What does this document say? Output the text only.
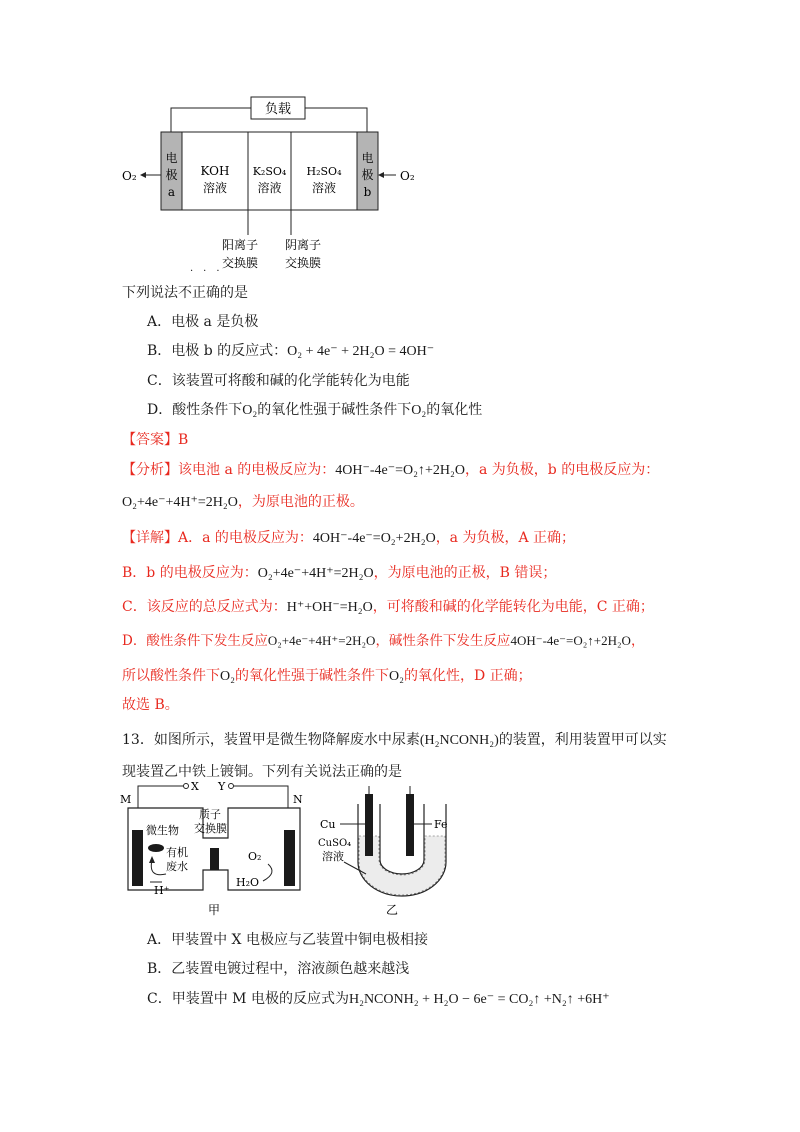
负载
电
极
a
电
极
b
KOH
溶液
K₂SO₄
溶液
H₂SO₄
溶液
O₂	O₂
阳离子
交换膜
阴离子
交换膜
···
下列说法不正确的是
A．电极 a 是负极
B．电极 b 的反应式：O₂ + 4e⁻ + 2H₂O = 4OH⁻
C．该装置可将酸和碱的化学能转化为电能
D．酸性条件下O₂的氧化性强于碱性条件下O₂的氧化性
【答案】B
【分析】该电池 a 的电极反应为：4OH⁻-4e⁻=O₂↑+2H₂O，a 为负极，b 的电极反应为：
O₂+4e⁻+4H⁺=2H₂O，为原电池的正极。
【详解】A．a 的电极反应为：4OH⁻-4e⁻=O₂+2H₂O，a 为负极，A 正确；
B．b 的电极反应为：O₂+4e⁻+4H⁺=2H₂O，为原电池的正极，B 错误；
C．该反应的总反应式为：H⁺+OH⁻=H₂O，可将酸和碱的化学能转化为电能，C 正确；
D．酸性条件下发生反应O₂+4e⁻+4H⁺=2H₂O，碱性条件下发生反应4OH⁻-4e⁻=O₂↑+2H₂O，
所以酸性条件下O₂的氧化性强于碱性条件下O₂的氧化性，D 正确；
故选 B。
13．如图所示，装置甲是微生物降解废水中尿素(H₂NCONH₂)的装置，利用装置甲可以实
现装置乙中铁上镀铜。下列有关说法正确的是
X Y
M	N
质子
交换膜
微生物
有机
废水
H⁺
O₂
H₂O
甲
Cu	Fe
CuSO₄
溶液
乙
A．甲装置中 X 电极应与乙装置中铜电极相接
B．乙装置电镀过程中，溶液颜色越来越浅
C．甲装置中 M 电极的反应式为H₂NCONH₂ + H₂O − 6e⁻ = CO₂↑ +N₂↑ +6H⁺
